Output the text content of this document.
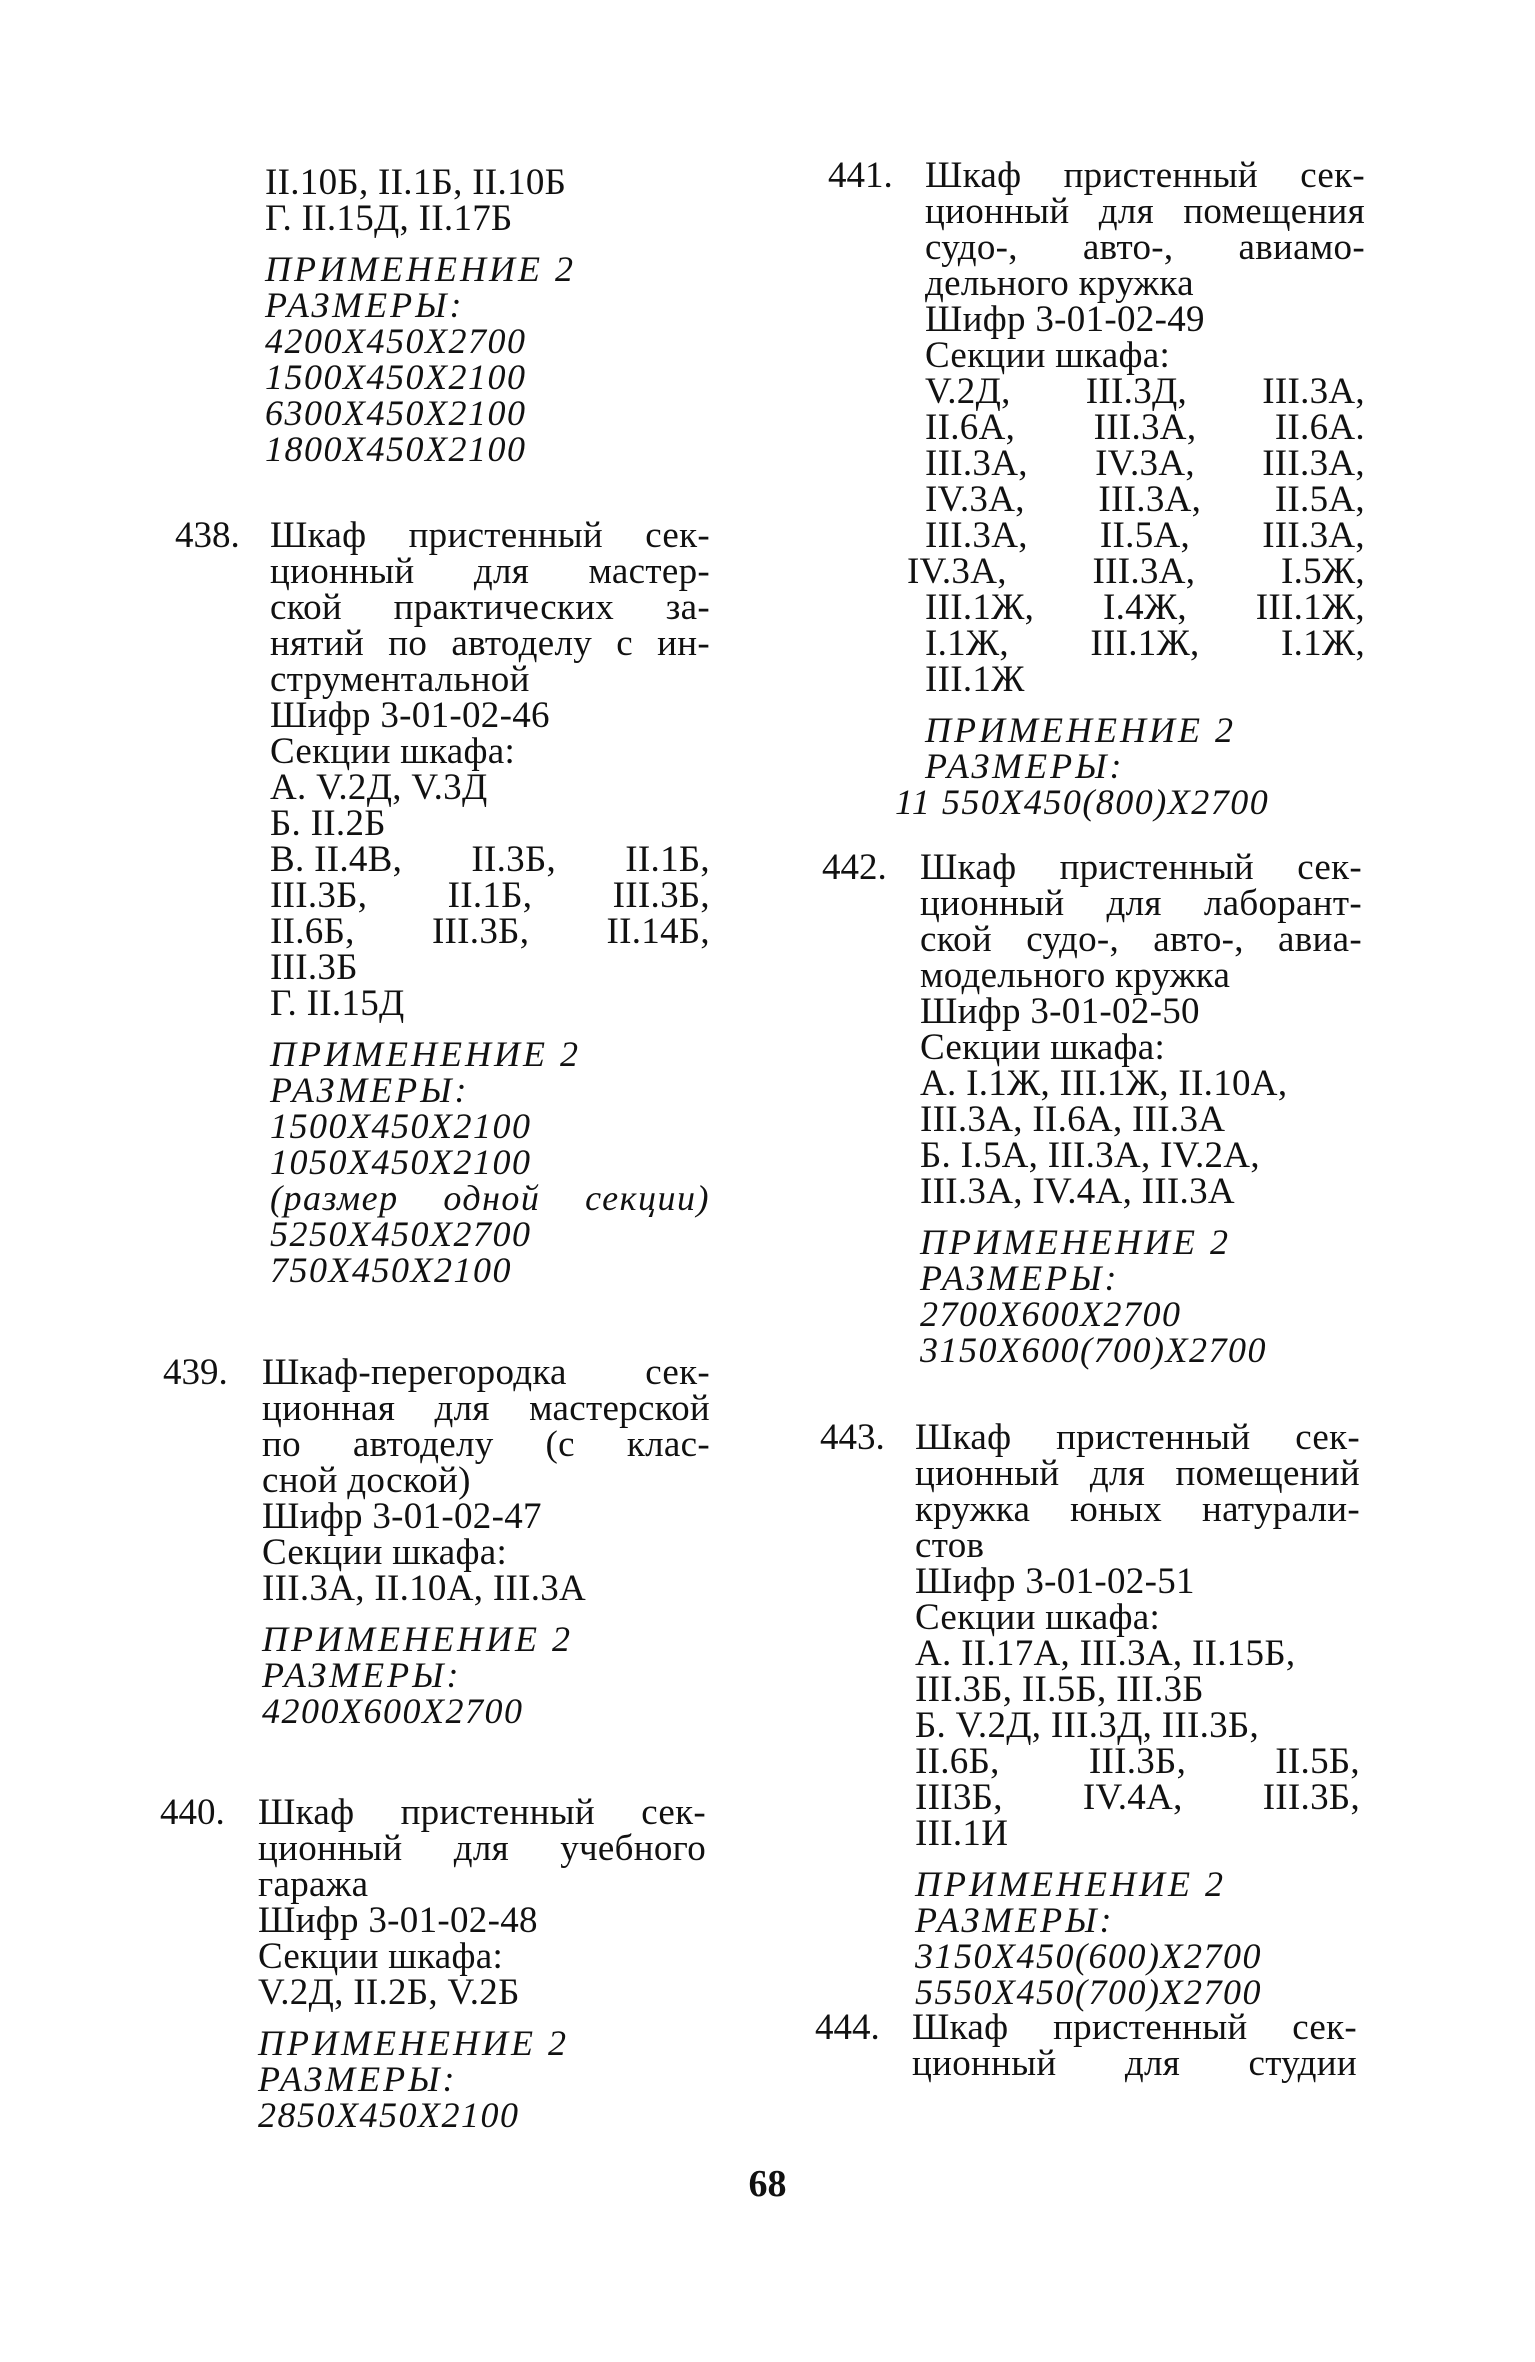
II.10Б, II.1Б, II.10Б
Г. II.15Д, II.17Б
ПРИМЕНЕНИЕ 2
РАЗМЕРЫ:
4200X450X2700
1500X450X2100
6300X450X2100
1800X450X2100
438. Шкаф пристенный сек-
ционный для мастер-
ской практических за-
нятий по автоделу с ин-
струментальной
Шифр 3-01-02-46
Секции шкафа:
А. V.2Д, V.3Д
Б. II.2Б
В. II.4В, II.3Б, II.1Б,
III.3Б, II.1Б, III.3Б,
II.6Б, III.3Б, II.14Б,
III.3Б
Г. II.15Д
ПРИМЕНЕНИЕ 2
РАЗМЕРЫ:
1500X450X2100
1050X450X2100
(размер одной секции)
5250X450X2700
750X450X2100
439. Шкаф-перегородка сек-
ционная для мастерской
по автоделу (с клас-
сной доской)
Шифр 3-01-02-47
Секции шкафа:
III.3А, II.10А, III.3А
ПРИМЕНЕНИЕ 2
РАЗМЕРЫ:
4200X600X2700
440. Шкаф пристенный сек-
ционный для учебного
гаража
Шифр 3-01-02-48
Секции шкафа:
V.2Д, II.2Б, V.2Б
ПРИМЕНЕНИЕ 2
РАЗМЕРЫ:
2850X450X2100
441. Шкаф пристенный сек-
ционный для помещения
судо-, авто-, авиамо-
дельного кружка
Шифр 3-01-02-49
Секции шкафа:
V.2Д, III.3Д, III.3А,
II.6А, III.3А, II.6А.
III.3А, IV.3А, III.3А,
IV.3А, III.3А, II.5А,
III.3А, II.5А, III.3А,
IV.3А, III.3А, I.5Ж,
III.1Ж, I.4Ж, III.1Ж,
I.1Ж, III.1Ж, I.1Ж,
III.1Ж
ПРИМЕНЕНИЕ 2
РАЗМЕРЫ:
11 550X450(800)X2700
442. Шкаф пристенный сек-
ционный для лаборант-
ской судо-, авто-, авиа-
модельного кружка
Шифр 3-01-02-50
Секции шкафа:
А. I.1Ж, III.1Ж, II.10А,
III.3А, II.6А, III.3А
Б. I.5А, III.3А, IV.2А,
III.3А, IV.4А, III.3А
ПРИМЕНЕНИЕ 2
РАЗМЕРЫ:
2700X600X2700
3150X600(700)X2700
443. Шкаф пристенный сек-
ционный для помещений
кружка юных натурали-
стов
Шифр 3-01-02-51
Секции шкафа:
А. II.17А, III.3А, II.15Б,
III.3Б, II.5Б, III.3Б
Б. V.2Д, III.3Д, III.3Б,
II.6Б, III.3Б, II.5Б,
III3Б, IV.4А, III.3Б,
III.1И
ПРИМЕНЕНИЕ 2
РАЗМЕРЫ:
3150X450(600)X2700
5550X450(700)X2700
444. Шкаф пристенный сек-
ционный для студии
68
